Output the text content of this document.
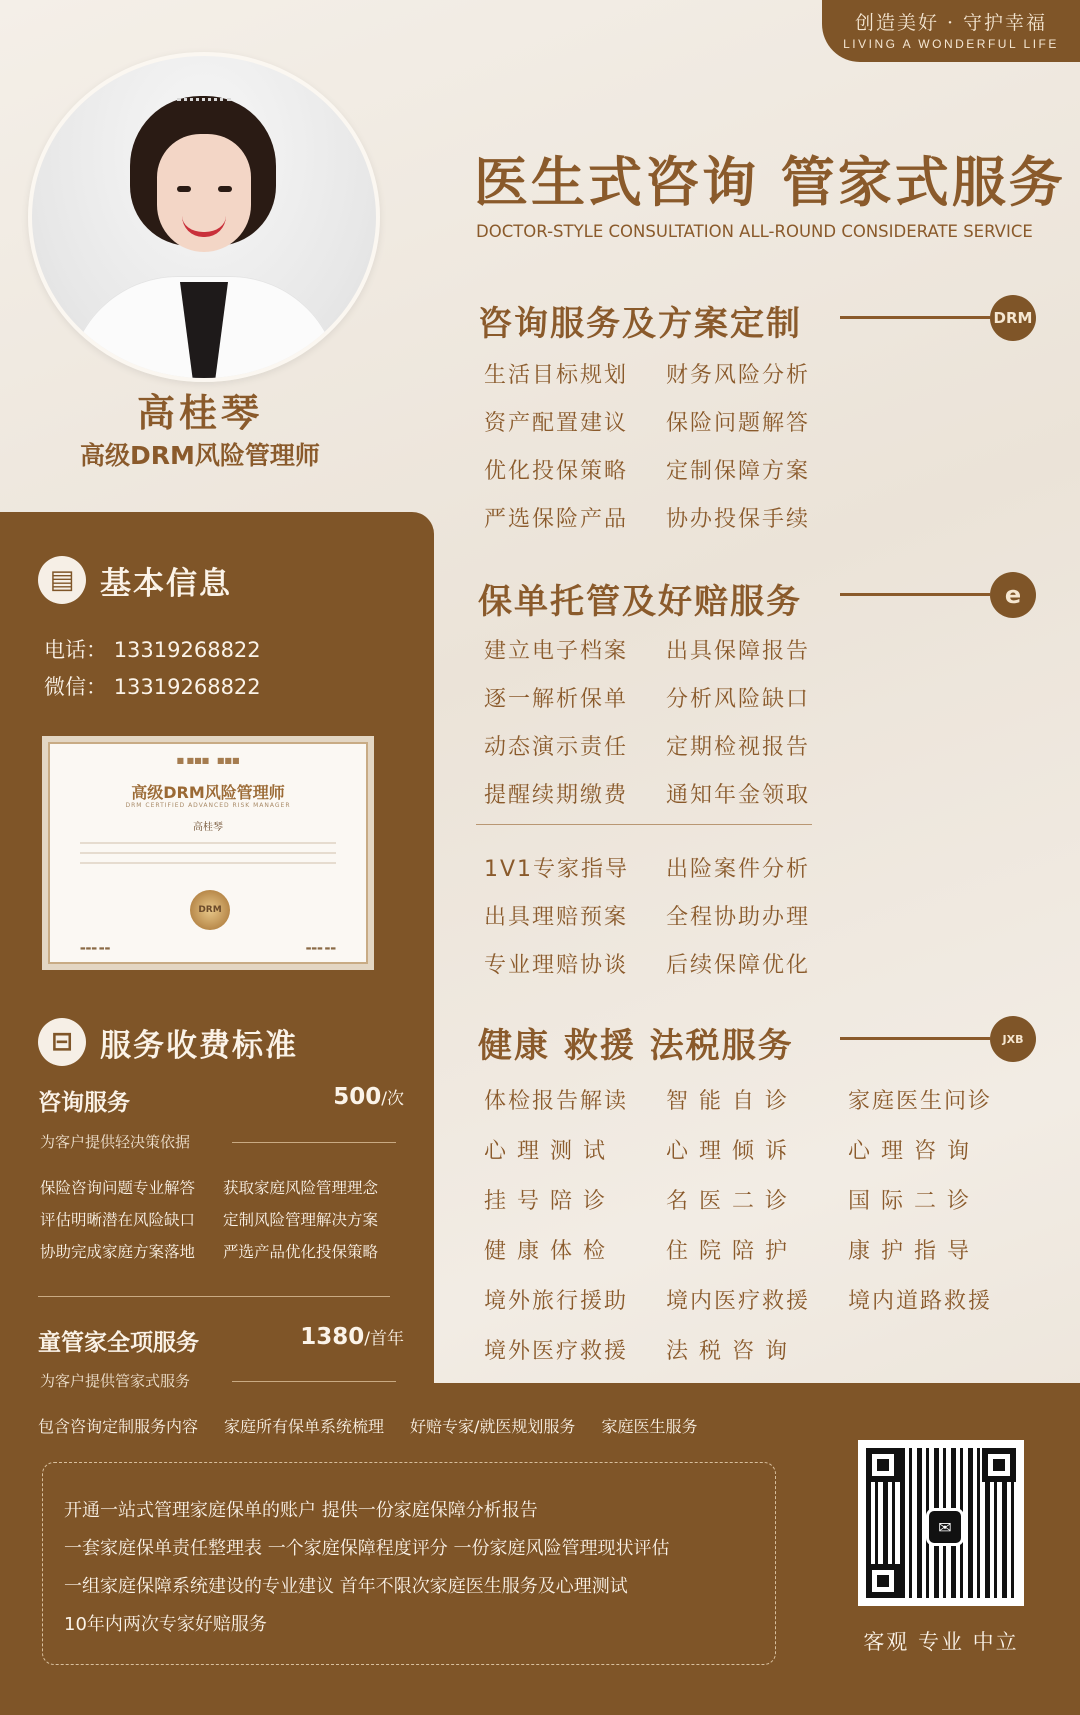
创造美好 · 守护幸福
LIVING A WONDERFUL LIFE
高桂琴
高级DRM风险管理师
▤ 基本信息
电话： 13319268822
微信： 13319268822
■ ■■■   ■■■
高级DRM风险管理师
DRM CERTIFIED ADVANCED RISK MANAGER
高桂琴
DRM
▬▬▬ ▬▬	▬▬▬ ▬▬
⊟ 服务收费标准
咨询服务	500/次
为客户提供轻决策依据
保险咨询问题专业解答 获取家庭风险管理理念
评估明晰潜在风险缺口 定制风险管理解决方案
协助完成家庭方案落地 严选产品优化投保策略
童管家全项服务	1380/首年
为客户提供管家式服务
包含咨询定制服务内容 家庭所有保单系统梳理 好赔专家/就医规划服务 家庭医生服务
开通一站式管理家庭保单的账户 提供一份家庭保障分析报告
一套家庭保单责任整理表 一个家庭保障程度评分 一份家庭风险管理现状评估
一组家庭保障系统建设的专业建议 首年不限次家庭医生服务及心理测试
10年内两次专家好赔服务
✉
客观 专业 中立
医生式咨询 管家式服务
DOCTOR-STYLE CONSULTATION ALL-ROUND CONSIDERATE SERVICE
咨询服务及方案定制	DRM
生活目标规划	财务风险分析
资产配置建议	保险问题解答
优化投保策略	定制保障方案
严选保险产品	协办投保手续
保单托管及好赔服务	e
建立电子档案	出具保障报告
逐一解析保单	分析风险缺口
动态演示责任	定期检视报告
提醒续期缴费	通知年金领取
1V1专家指导	出险案件分析
出具理赔预案	全程协助办理
专业理赔协谈	后续保障优化
健康 救援 法税服务	JXB
体检报告解读	智 能 自 诊	家庭医生问诊
心 理 测 试	心 理 倾 诉	心 理 咨 询
挂 号 陪 诊	名 医 二 诊	国 际 二 诊
健 康 体 检	住 院 陪 护	康 护 指 导
境外旅行援助	境内医疗救援	境内道路救援
境外医疗救援	法 税 咨 询
